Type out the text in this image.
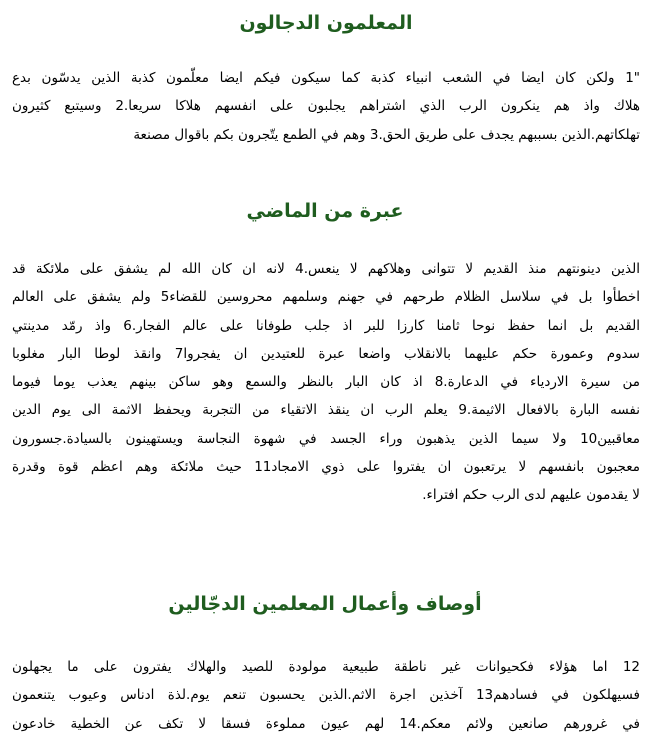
المعلمون الدجالون
"1 ولكن كان ايضا في الشعب انبياء كذبة كما سيكون فيكم ايضا معلّمون كذبة الذين يدسّون بدع
هلاك واذ هم ينكرون الرب الذي اشتراهم يجلبون على انفسهم هلاكا سريعا.2 وسيتبع كثيرون
تهلكاتهم.الذين بسببهم يجدف على طريق الحق.3 وهم في الطمع يتّجرون بكم باقوال مصنعة
عبرة من الماضي
الذين دينونتهم منذ القديم لا تتوانى وهلاكهم لا ينعس.4 لانه ان كان الله لم يشفق على ملائكة قد
اخطأوا بل في سلاسل الظلام طرحهم في جهنم وسلمهم محروسين للقضاء5 ولم يشفق على العالم
القديم بل انما حفظ نوحا ثامنا كارزا للبر اذ جلب طوفانا على عالم الفجار.6 واذ رمّد مدينتي
سدوم وعمورة حكم عليهما بالانقلاب واضعا عبرة للعتيدين ان يفجروا7 وانقذ لوطا البار مغلوبا
من سيرة الاردياء في الدعارة.8 اذ كان البار بالنظر والسمع وهو ساكن بينهم يعذب يوما فيوما
نفسه البارة بالافعال الاثيمة.9 يعلم الرب ان ينقذ الاتقياء من التجربة ويحفظ الاثمة الى يوم الدين
معاقبين10 ولا سيما الذين يذهبون وراء الجسد في شهوة النجاسة ويستهينون بالسيادة.جسورون
معجبون بانفسهم لا يرتعبون ان يفتروا على ذوي الامجاد11 حيث ملائكة وهم اعظم قوة وقدرة
لا يقدمون عليهم لدى الرب حكم افتراء.
أوصاف وأعمال المعلمين الدجّالين
12 اما هؤلاء فكحيوانات غير ناطقة طبيعية مولودة للصيد والهلاك يفترون على ما يجهلون
فسيهلكون في فسادهم13 آخذين اجرة الاثم.الذين يحسبون تنعم يوم.لذة ادناس وعيوب يتنعمون
في غرورهم صانعين ولائم معكم.14 لهم عيون مملوءة فسقا لا تكف عن الخطية خادعون
